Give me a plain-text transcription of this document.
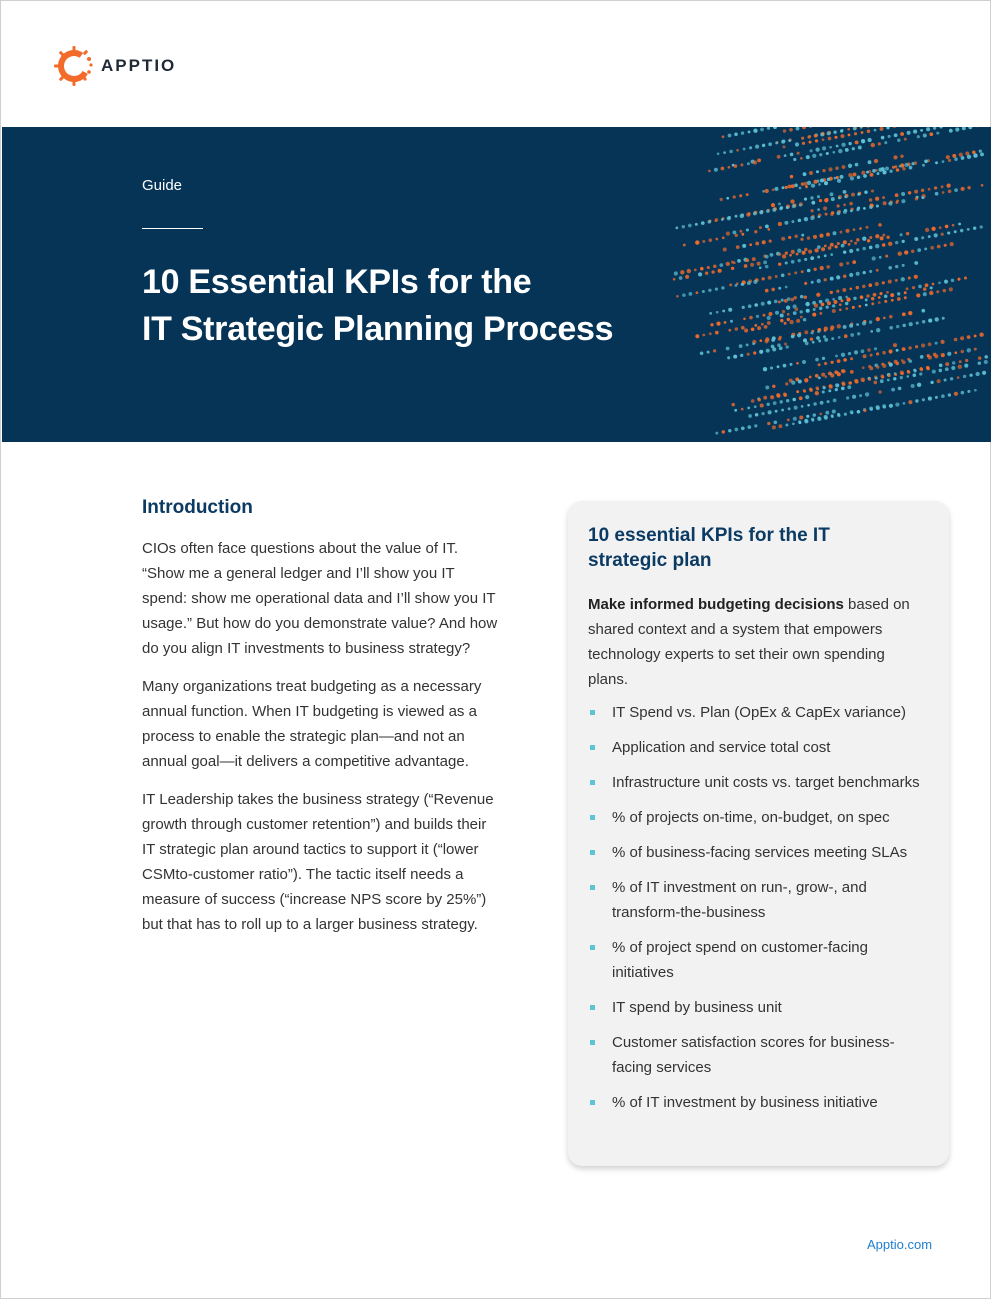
APPTIO
Guide
10 Essential KPIs for the
IT Strategic Planning Process
Introduction

CIOs often face questions about the value of IT. “Show me a general ledger and I’ll show you IT spend: show me operational data and I’ll show you IT usage.” But how do you demonstrate value? And how do you align IT investments to business strategy?

Many organizations treat budgeting as a necessary annual function. When IT budgeting is viewed as a process to enable the strategic plan—and not an annual goal—it delivers a competitive advantage.

IT Leadership takes the business strategy (“Revenue growth through customer retention”) and builds their IT strategic plan around tactics to support it (“lower CSMto-customer ratio”). The tactic itself needs a measure of success (“increase NPS score by 25%”) but that has to roll up to a larger business strategy.

10 essential KPIs for the IT
strategic plan

Make informed budgeting decisions based on shared context and a system that empowers technology experts to set their own spending plans.

IT Spend vs. Plan (OpEx & CapEx variance)
Application and service total cost
Infrastructure unit costs vs. target benchmarks
% of projects on-time, on-budget, on spec
% of business-facing services meeting SLAs
% of IT investment on run-, grow-, and transform-the-business
% of project spend on customer-facing initiatives
IT spend by business unit
Customer satisfaction scores for business-facing services
% of IT investment by business initiative
Apptio.com
